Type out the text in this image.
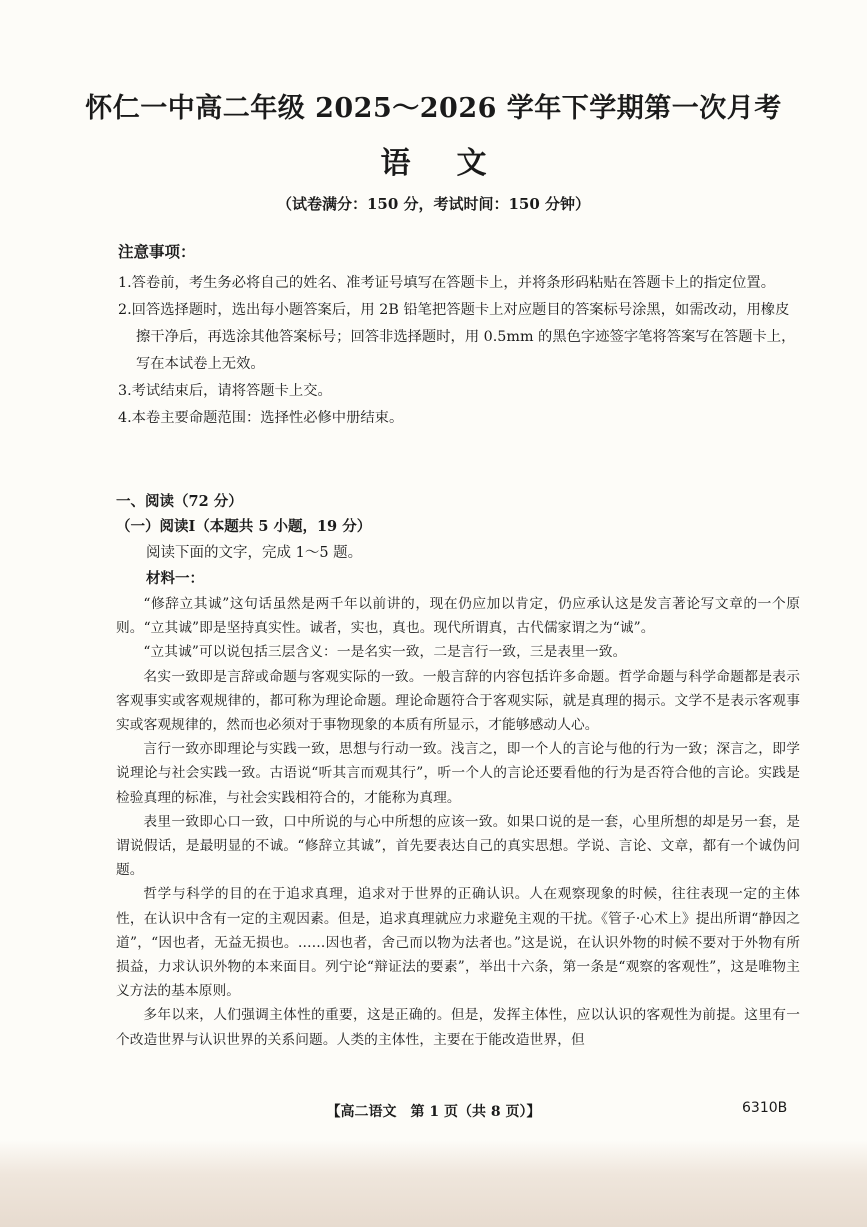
怀仁一中高二年级 2025～2026 学年下学期第一次月考
语文
（试卷满分：150 分，考试时间：150 分钟）
注意事项：

1.答卷前，考生务必将自己的姓名、准考证号填写在答题卡上，并将条形码粘贴在答题卡上的指定位置。

2.回答选择题时，选出每小题答案后，用 2B 铅笔把答题卡上对应题目的答案标号涂黑，如需改动，用橡皮擦干净后，再选涂其他答案标号；回答非选择题时，用 0.5mm 的黑色字迹签字笔将答案写在答题卡上，写在本试卷上无效。

3.考试结束后，请将答题卡上交。

4.本卷主要命题范围：选择性必修中册结束。

一、阅读（72 分）
（一）阅读Ⅰ（本题共 5 小题，19 分）
阅读下面的文字，完成 1～5 题。
材料一：

“修辞立其诚”这句话虽然是两千年以前讲的，现在仍应加以肯定，仍应承认这是发言著论写文章的一个原则。“立其诚”即是坚持真实性。诚者，实也，真也。现代所谓真，古代儒家谓之为“诚”。

“立其诚”可以说包括三层含义：一是名实一致，二是言行一致，三是表里一致。

名实一致即是言辞或命题与客观实际的一致。一般言辞的内容包括许多命题。哲学命题与科学命题都是表示客观事实或客观规律的，都可称为理论命题。理论命题符合于客观实际，就是真理的揭示。文学不是表示客观事实或客观规律的，然而也必须对于事物现象的本质有所显示，才能够感动人心。

言行一致亦即理论与实践一致，思想与行动一致。浅言之，即一个人的言论与他的行为一致；深言之，即学说理论与社会实践一致。古语说“听其言而观其行”，听一个人的言论还要看他的行为是否符合他的言论。实践是检验真理的标准，与社会实践相符合的，才能称为真理。

表里一致即心口一致，口中所说的与心中所想的应该一致。如果口说的是一套，心里所想的却是另一套，是谓说假话，是最明显的不诚。“修辞立其诚”，首先要表达自己的真实思想。学说、言论、文章，都有一个诚伪问题。

哲学与科学的目的在于追求真理，追求对于世界的正确认识。人在观察现象的时候，往往表现一定的主体性，在认识中含有一定的主观因素。但是，追求真理就应力求避免主观的干扰。《管子·心术上》提出所谓“静因之道”，“因也者，无益无损也。……因也者，舍己而以物为法者也。”这是说，在认识外物的时候不要对于外物有所损益，力求认识外物的本来面目。列宁论“辩证法的要素”，举出十六条，第一条是“观察的客观性”，这是唯物主义方法的基本原则。

多年以来，人们强调主体性的重要，这是正确的。但是，发挥主体性，应以认识的客观性为前提。这里有一个改造世界与认识世界的关系问题。人类的主体性，主要在于能改造世界，但

【高二语文　第 1 页（共 8 页）】	6310B
